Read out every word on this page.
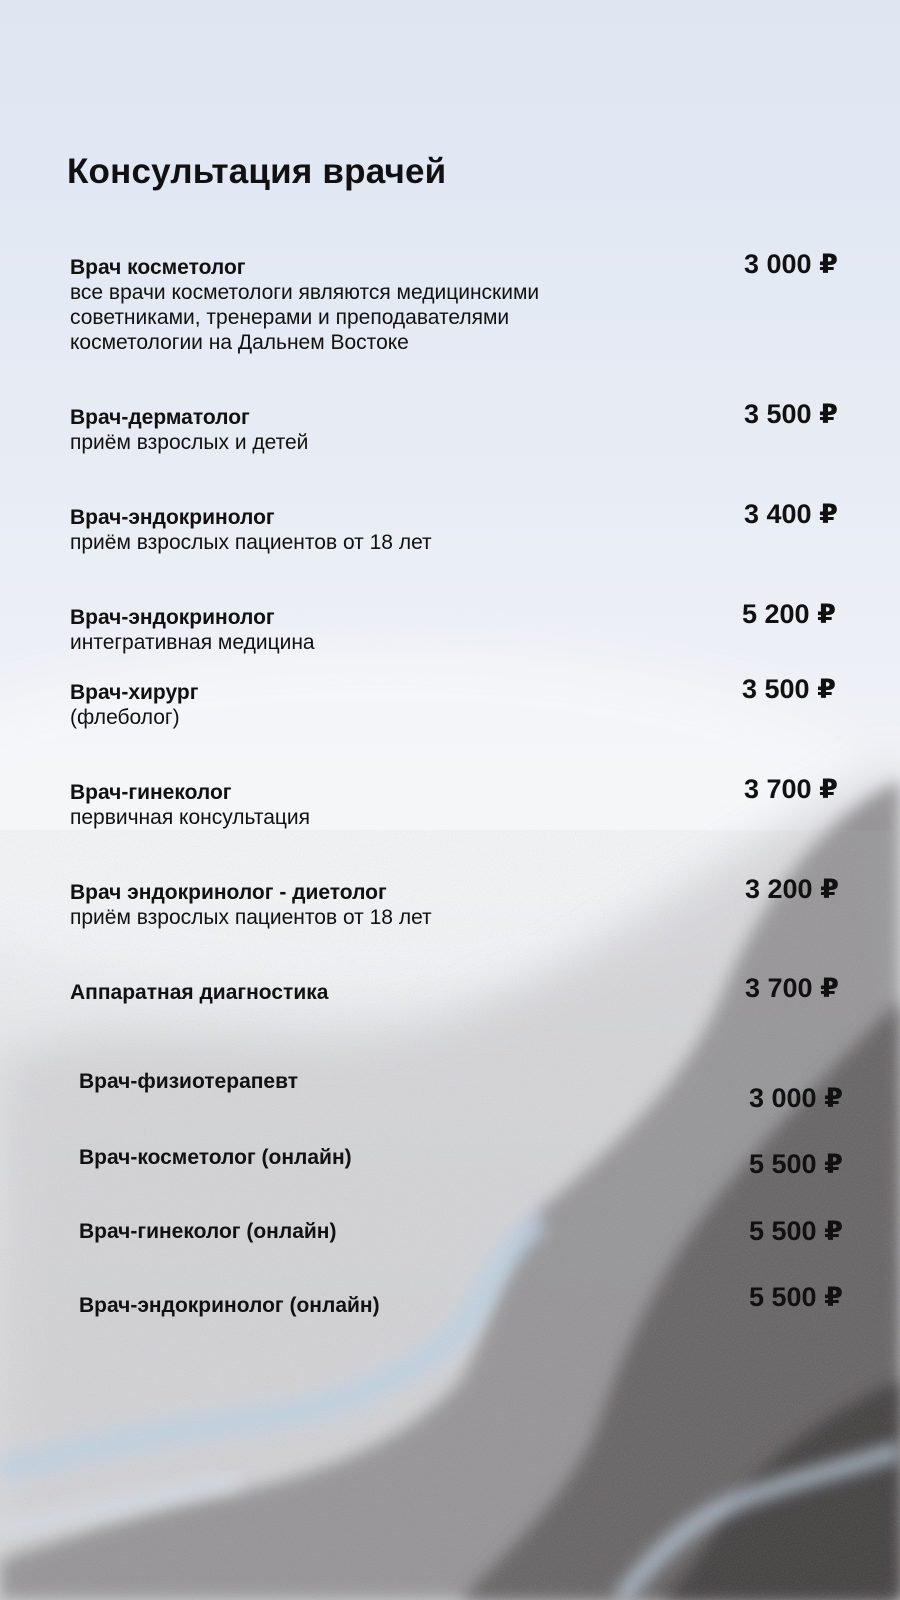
Консультация врачей
Врач косметолог
все врачи косметологи являются медицинскими
советниками, тренерами и преподавателями
косметологии на Дальнем Востоке
3 000 ₽
Врач-дерматолог
приём взрослых и детей
3 500 ₽
Врач-эндокринолог
приём взрослых пациентов от 18 лет
3 400 ₽
Врач-эндокринолог
интегративная медицина
5 200 ₽
Врач-хирург
(флеболог)
3 500 ₽
Врач-гинеколог
первичная консультация
3 700 ₽
Врач эндокринолог - диетолог
приём взрослых пациентов от 18 лет
3 200 ₽
Аппаратная диагностика	3 700 ₽
Врач-физиотерапевт
3 000 ₽
Врач-косметолог (онлайн)	5 500 ₽
Врач-гинеколог (онлайн)	5 500 ₽
Врач-эндокринолог (онлайн)	5 500 ₽
